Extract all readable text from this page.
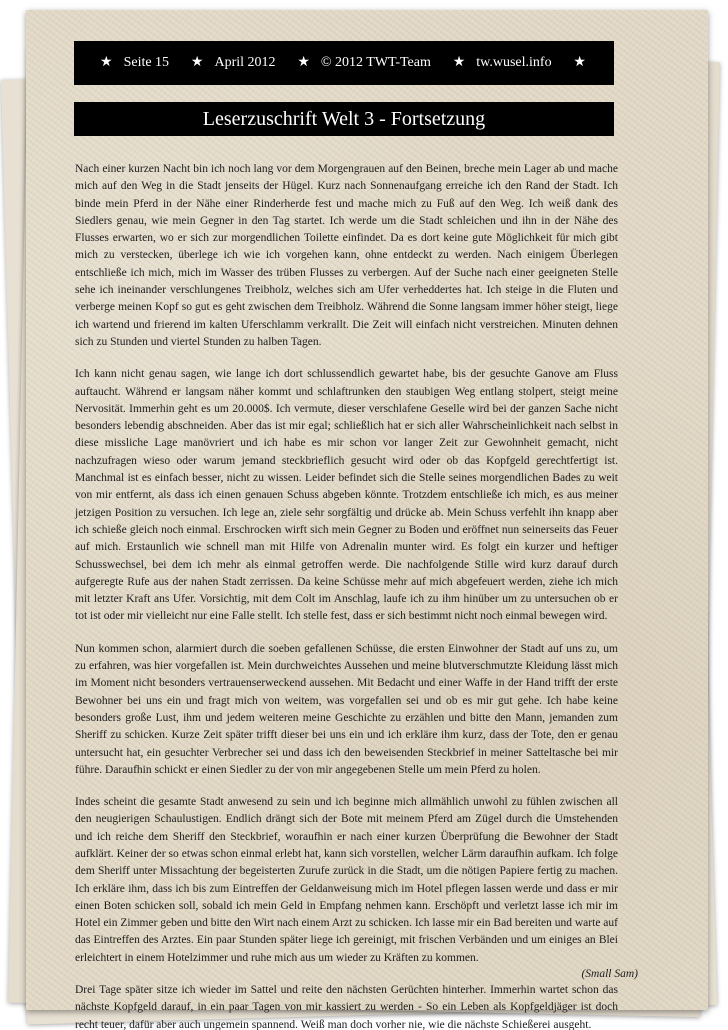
★ Seite 15 ★ April 2012 ★ © 2012 TWT-Team ★ tw.wusel.info ★
Leserzuschrift Welt 3 - Fortsetzung

Nach einer kurzen Nacht bin ich noch lang vor dem Morgengrauen auf den Beinen, breche mein Lager ab und mache mich auf den Weg in die Stadt jenseits der Hügel. Kurz nach Sonnenaufgang erreiche ich den Rand der Stadt. Ich binde mein Pferd in der Nähe einer Rinderherde fest und mache mich zu Fuß auf den Weg. Ich weiß dank des Siedlers genau, wie mein Gegner in den Tag startet. Ich werde um die Stadt schleichen und ihn in der Nähe des Flusses erwarten, wo er sich zur morgendlichen Toilette einfindet. Da es dort keine gute Möglichkeit für mich gibt mich zu verstecken, überlege ich wie ich vorgehen kann, ohne entdeckt zu werden. Nach einigem Überlegen entschließe ich mich, mich im Wasser des trüben Flusses zu verbergen. Auf der Suche nach einer geeigneten Stelle sehe ich ineinander verschlungenes Treibholz, welches sich am Ufer verheddertes hat. Ich steige in die Fluten und verberge meinen Kopf so gut es geht zwischen dem Treibholz. Während die Sonne langsam immer höher steigt, liege ich wartend und frierend im kalten Uferschlamm verkrallt. Die Zeit will einfach nicht verstreichen. Minuten dehnen sich zu Stunden und viertel Stunden zu halben Tagen.

Ich kann nicht genau sagen, wie lange ich dort schlussendlich gewartet habe, bis der gesuchte Ganove am Fluss auftaucht. Während er langsam näher kommt und schlaftrunken den staubigen Weg entlang stolpert, steigt meine Nervosität. Immerhin geht es um 20.000$. Ich vermute, dieser verschlafene Geselle wird bei der ganzen Sache nicht besonders lebendig abschneiden. Aber das ist mir egal; schließlich hat er sich aller Wahrscheinlichkeit nach selbst in diese missliche Lage manövriert und ich habe es mir schon vor langer Zeit zur Gewohnheit gemacht, nicht nachzufragen wieso oder warum jemand steckbrieflich gesucht wird oder ob das Kopfgeld gerechtfertigt ist. Manchmal ist es einfach besser, nicht zu wissen. Leider befindet sich die Stelle seines morgendlichen Bades zu weit von mir entfernt, als dass ich einen genauen Schuss abgeben könnte. Trotzdem entschließe ich mich, es aus meiner jetzigen Position zu versuchen. Ich lege an, ziele sehr sorgfältig und drücke ab. Mein Schuss verfehlt ihn knapp aber ich schieße gleich noch einmal. Erschrocken wirft sich mein Gegner zu Boden und eröffnet nun seinerseits das Feuer auf mich. Erstaunlich wie schnell man mit Hilfe von Adrenalin munter wird. Es folgt ein kurzer und heftiger Schusswechsel, bei dem ich mehr als einmal getroffen werde. Die nachfolgende Stille wird kurz darauf durch aufgeregte Rufe aus der nahen Stadt zerrissen. Da keine Schüsse mehr auf mich abgefeuert werden, ziehe ich mich mit letzter Kraft ans Ufer. Vorsichtig, mit dem Colt im Anschlag, laufe ich zu ihm hinüber um zu untersuchen ob er tot ist oder mir vielleicht nur eine Falle stellt. Ich stelle fest, dass er sich bestimmt nicht noch einmal bewegen wird.

Nun kommen schon, alarmiert durch die soeben gefallenen Schüsse, die ersten Einwohner der Stadt auf uns zu, um zu erfahren, was hier vorgefallen ist. Mein durchweichtes Aussehen und meine blutverschmutzte Kleidung lässt mich im Moment nicht besonders vertrauenserweckend aussehen. Mit Bedacht und einer Waffe in der Hand trifft der erste Bewohner bei uns ein und fragt mich von weitem, was vorgefallen sei und ob es mir gut gehe. Ich habe keine besonders große Lust, ihm und jedem weiteren meine Geschichte zu erzählen und bitte den Mann, jemanden zum Sheriff zu schicken. Kurze Zeit später trifft dieser bei uns ein und ich erkläre ihm kurz, dass der Tote, den er genau untersucht hat, ein gesuchter Verbrecher sei und dass ich den beweisenden Steckbrief in meiner Satteltasche bei mir führe. Daraufhin schickt er einen Siedler zu der von mir angegebenen Stelle um mein Pferd zu holen.

Indes scheint die gesamte Stadt anwesend zu sein und ich beginne mich allmählich unwohl zu fühlen zwischen all den neugierigen Schaulustigen. Endlich drängt sich der Bote mit meinem Pferd am Zügel durch die Umstehenden und ich reiche dem Sheriff den Steckbrief, woraufhin er nach einer kurzen Überprüfung die Bewohner der Stadt aufklärt. Keiner der so etwas schon einmal erlebt hat, kann sich vorstellen, welcher Lärm daraufhin aufkam. Ich folge dem Sheriff unter Missachtung der begeisterten Zurufe zurück in die Stadt, um die nötigen Papiere fertig zu machen. Ich erkläre ihm, dass ich bis zum Eintreffen der Geldanweisung mich im Hotel pflegen lassen werde und dass er mir einen Boten schicken soll, sobald ich mein Geld in Empfang nehmen kann. Erschöpft und verletzt lasse ich mir im Hotel ein Zimmer geben und bitte den Wirt nach einem Arzt zu schicken. Ich lasse mir ein Bad bereiten und warte auf das Eintreffen des Arztes. Ein paar Stunden später liege ich gereinigt, mit frischen Verbänden und um einiges an Blei erleichtert in einem Hotelzimmer und ruhe mich aus um wieder zu Kräften zu kommen.

Drei Tage später sitze ich wieder im Sattel und reite den nächsten Gerüchten hinterher. Immerhin wartet schon das nächste Kopfgeld darauf, in ein paar Tagen von mir kassiert zu werden - So ein Leben als Kopfgeldjäger ist doch recht teuer, dafür aber auch ungemein spannend. Weiß man doch vorher nie, wie die nächste Schießerei ausgeht.

(Small Sam)
